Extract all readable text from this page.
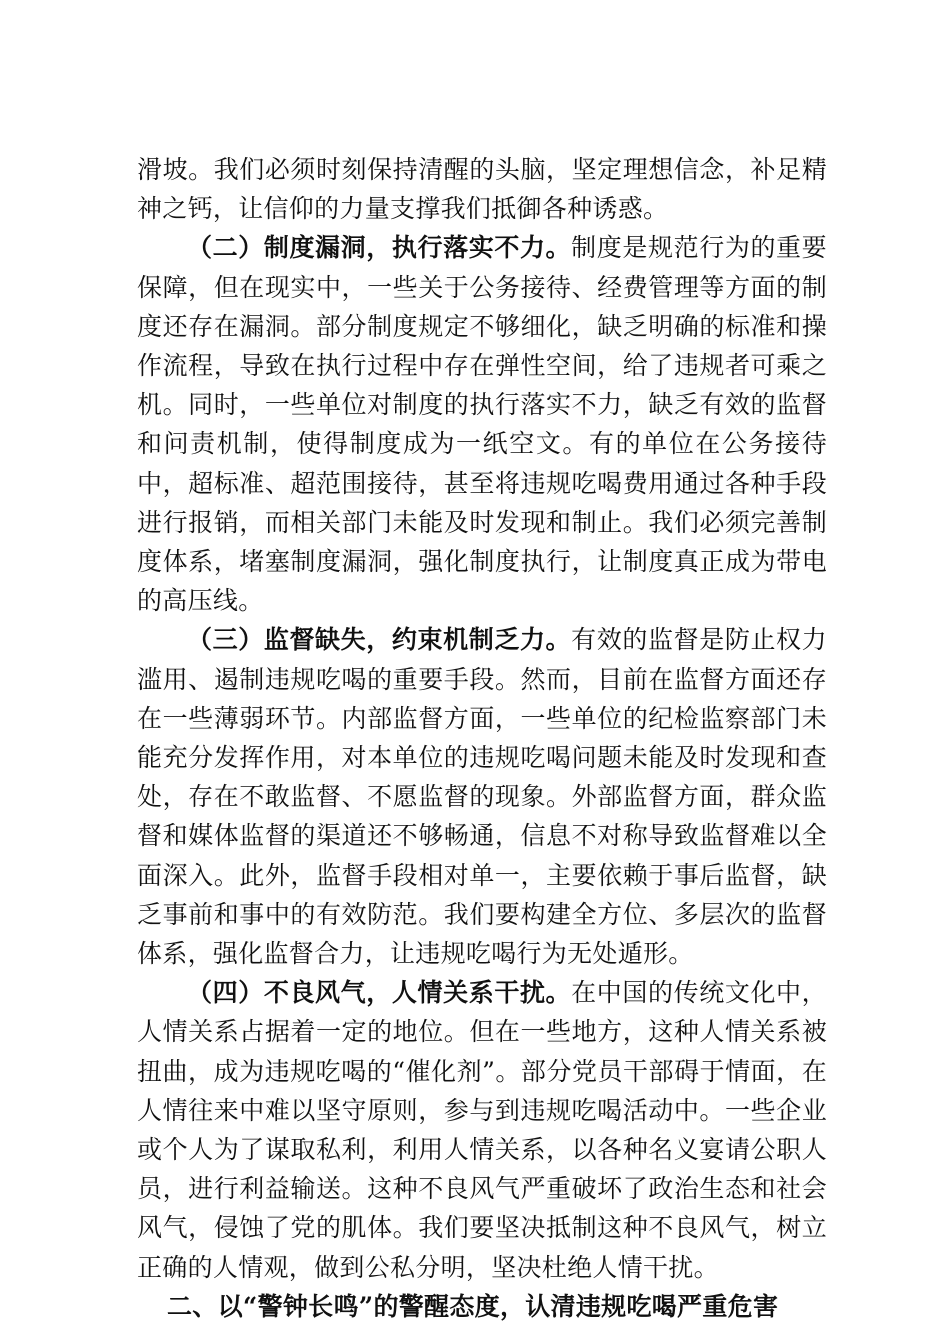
滑坡。我们必须时刻保持清醒的头脑，坚定理想信念，补足精神之钙，让信仰的力量支撑我们抵御各种诱惑。

（二）制度漏洞，执行落实不力。制度是规范行为的重要保障，但在现实中，一些关于公务接待、经费管理等方面的制度还存在漏洞。部分制度规定不够细化，缺乏明确的标准和操作流程，导致在执行过程中存在弹性空间，给了违规者可乘之机。同时，一些单位对制度的执行落实不力，缺乏有效的监督和问责机制，使得制度成为一纸空文。有的单位在公务接待中，超标准、超范围接待，甚至将违规吃喝费用通过各种手段进行报销，而相关部门未能及时发现和制止。我们必须完善制度体系，堵塞制度漏洞，强化制度执行，让制度真正成为带电的高压线。

（三）监督缺失，约束机制乏力。有效的监督是防止权力滥用、遏制违规吃喝的重要手段。然而，目前在监督方面还存在一些薄弱环节。内部监督方面，一些单位的纪检监察部门未能充分发挥作用，对本单位的违规吃喝问题未能及时发现和查处，存在不敢监督、不愿监督的现象。外部监督方面，群众监督和媒体监督的渠道还不够畅通，信息不对称导致监督难以全面深入。此外，监督手段相对单一，主要依赖于事后监督，缺乏事前和事中的有效防范。我们要构建全方位、多层次的监督体系，强化监督合力，让违规吃喝行为无处遁形。

（四）不良风气，人情关系干扰。在中国的传统文化中，人情关系占据着一定的地位。但在一些地方，这种人情关系被扭曲，成为违规吃喝的“催化剂”。部分党员干部碍于情面，在人情往来中难以坚守原则，参与到违规吃喝活动中。一些企业或个人为了谋取私利，利用人情关系，以各种名义宴请公职人员，进行利益输送。这种不良风气严重破坏了政治生态和社会风气，侵蚀了党的肌体。我们要坚决抵制这种不良风气，树立正确的人情观，做到公私分明，坚决杜绝人情干扰。

二、以“警钟长鸣”的警醒态度，认清违规吃喝严重危害
